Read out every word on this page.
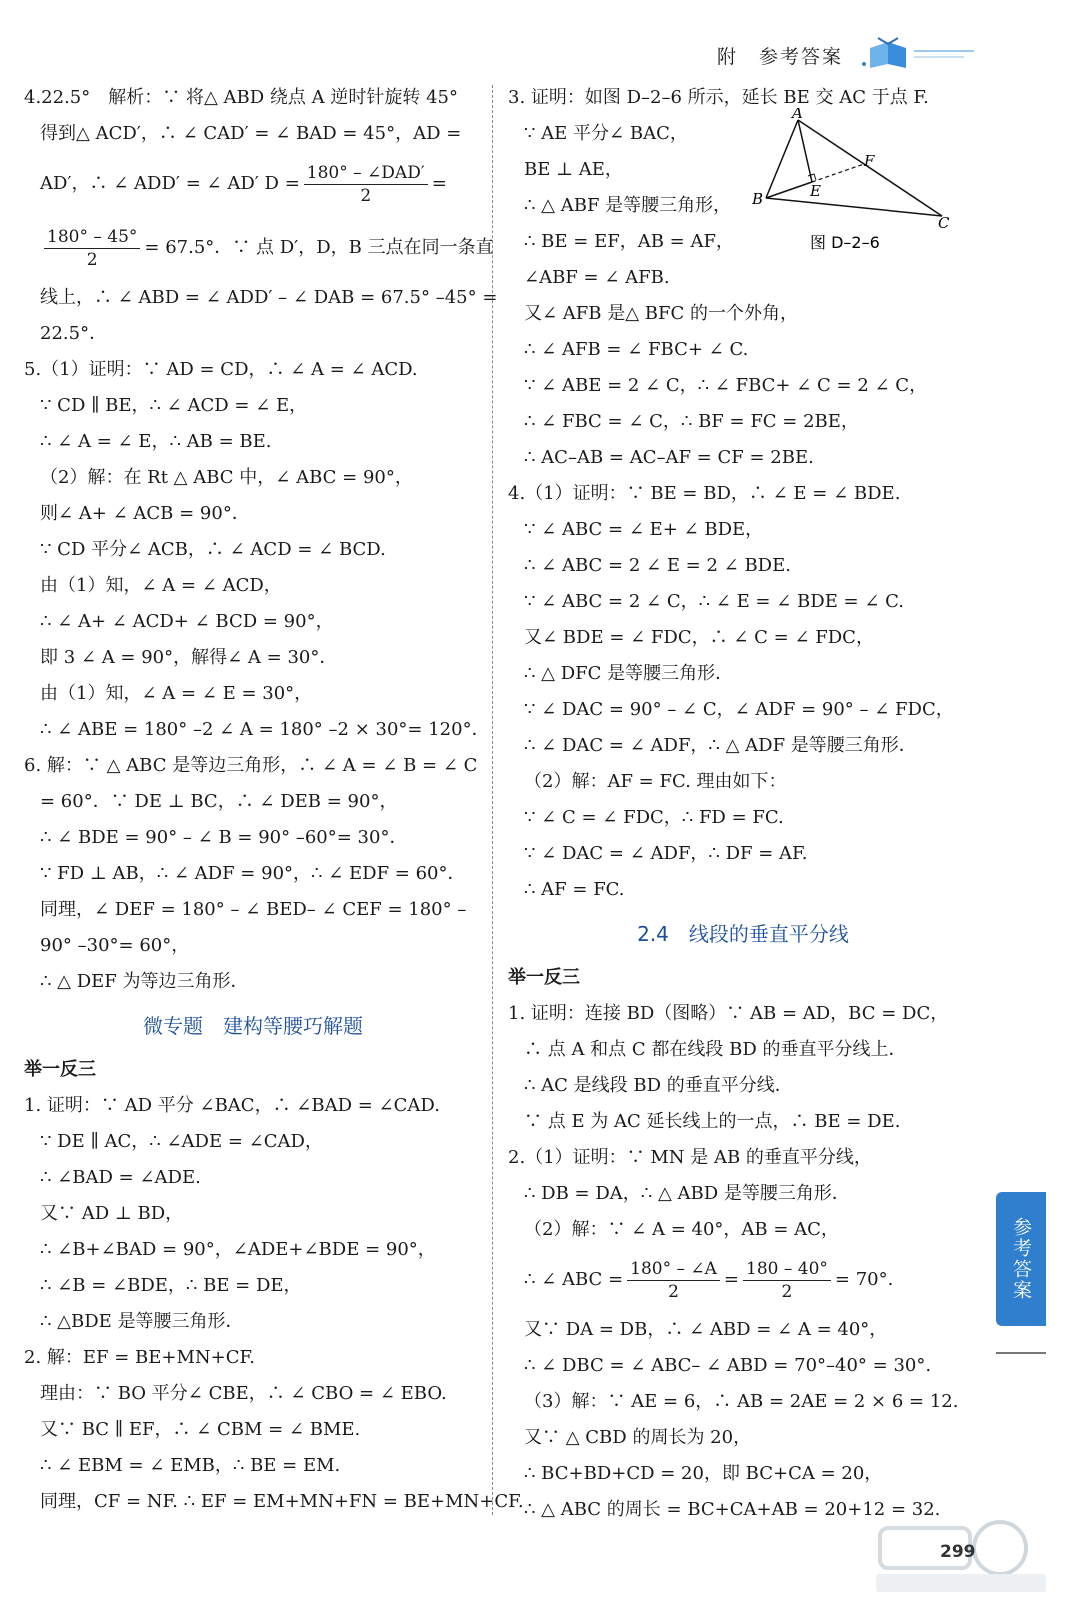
附　参考答案
4.22.5°　解析：∵ 将△ ABD 绕点 A 逆时针旋转 45°
得到△ ACD′，∴ ∠ CAD′ = ∠ BAD = 45°，AD =
AD′，∴ ∠ ADD′ = ∠ AD′ $D = \frac{\text{180° – ∠DAD′}}{2}$ =
$\frac{180^\circ - 45^\circ}{2} = 67.5^\circ$．∵ 点 D′，D，B 三点在同一条直
线上，∴ ∠ ABD = ∠ ADD′ – ∠ DAB = 67.5° –45° =
22.5°．
5.（1）证明：∵ AD = CD，∴ ∠ A = ∠ ACD.
∵ CD ∥ BE，∴ ∠ ACD = ∠ E，
∴ ∠ A = ∠ E，∴ AB = BE.
（2）解：在 Rt △ ABC 中，∠ ABC = 90°，
则∠ A+ ∠ ACB = 90°．
∵ CD 平分∠ ACB，∴ ∠ ACD = ∠ BCD.
由（1）知，∠ A = ∠ ACD，
∴ ∠ A+ ∠ ACD+ ∠ BCD = 90°，
即 3 ∠ A = 90°，解得∠ A = 30°．
由（1）知，∠ A = ∠ E = 30°，
∴ ∠ ABE = 180° –2 ∠ A = 180° –2 × 30°= 120°．
6. 解：∵ △ ABC 是等边三角形，∴ ∠ A = ∠ B = ∠ C
= 60°．∵ DE ⊥ BC，∴ ∠ DEB = 90°，
∴ ∠ BDE = 90° – ∠ B = 90° –60°= 30°．
∵ FD ⊥ AB，∴ ∠ ADF = 90°，∴ ∠ EDF = 60°．
同理，∠ DEF = 180° – ∠ BED– ∠ CEF = 180° –
90° –30°= 60°，
∴ △ DEF 为等边三角形．
微专题　建构等腰巧解题
举一反三
1. 证明：∵ AD 平分 ∠BAC，∴ ∠BAD = ∠CAD.
∵ DE ∥ AC，∴ ∠ADE = ∠CAD，
∴ ∠BAD = ∠ADE.
又∵ AD ⊥ BD，
∴ ∠B+∠BAD = 90°，∠ADE+∠BDE = 90°，
∴ ∠B = ∠BDE，∴ BE = DE，
∴ △BDE 是等腰三角形．
2. 解：EF = BE+MN+CF.
理由：∵ BO 平分∠ CBE，∴ ∠ CBO = ∠ EBO.
又∵ BC ∥ EF，∴ ∠ CBM = ∠ BME.
∴ ∠ EBM = ∠ EMB，∴ BE = EM.
同理，CF = NF. ∴ EF = EM+MN+FN = BE+MN+CF.
A
B
C
E
F
图 D–2–6
3. 证明：如图 D–2–6 所示，延长 BE 交 AC 于点 F.
∵ AE 平分∠ BAC，
BE ⊥ AE，
∴ △ ABF 是等腰三角形，
∴ BE = EF，AB = AF，
∠ABF = ∠ AFB.
又∠ AFB 是△ BFC 的一个外角，
∴ ∠ AFB = ∠ FBC+ ∠ C.
∵ ∠ ABE = 2 ∠ C，∴ ∠ FBC+ ∠ C = 2 ∠ C，
∴ ∠ FBC = ∠ C，∴ BF = FC = 2BE，
∴ AC–AB = AC–AF = CF = 2BE.
4.（1）证明：∵ BE = BD，∴ ∠ E = ∠ BDE.
∵ ∠ ABC = ∠ E+ ∠ BDE，
∴ ∠ ABC = 2 ∠ E = 2 ∠ BDE.
∵ ∠ ABC = 2 ∠ C，∴ ∠ E = ∠ BDE = ∠ C.
又∠ BDE = ∠ FDC，∴ ∠ C = ∠ FDC，
∴ △ DFC 是等腰三角形．
∵ ∠ DAC = 90° – ∠ C，∠ ADF = 90° – ∠ FDC，
∴ ∠ DAC = ∠ ADF，∴ △ ADF 是等腰三角形．
（2）解：AF = FC. 理由如下：
∵ ∠ C = ∠ FDC，∴ FD = FC.
∵ ∠ DAC = ∠ ADF，∴ DF = AF.
∴ AF = FC.
2.4　线段的垂直平分线
举一反三
1. 证明：连接 BD（图略）∵ AB = AD，BC = DC，
∴ 点 A 和点 C 都在线段 BD 的垂直平分线上．
∴ AC 是线段 BD 的垂直平分线．
∵ 点 E 为 AC 延长线上的一点，∴ BE = DE.
2.（1）证明：∵ MN 是 AB 的垂直平分线，
∴ DB = DA，∴ △ ABD 是等腰三角形．
（2）解：∵ ∠ A = 40°，AB = AC，
∴ ∠ ABC = $\frac{180^\circ - \angle A}{2} = \frac{180 - 40^\circ}{2} = 70^\circ$.
又∵ DA = DB，∴ ∠ ABD = ∠ A = 40°，
∴ ∠ DBC = ∠ ABC– ∠ ABD = 70°–40° = 30°.
（3）解：∵ AE = 6，∴ AB = 2AE = 2 × 6 = 12.
又∵ △ CBD 的周长为 20，
∴ BC+BD+CD = 20，即 BC+CA = 20，
∴ △ ABC 的周长 = BC+CA+AB = 20+12 = 32.
参考答案
299
